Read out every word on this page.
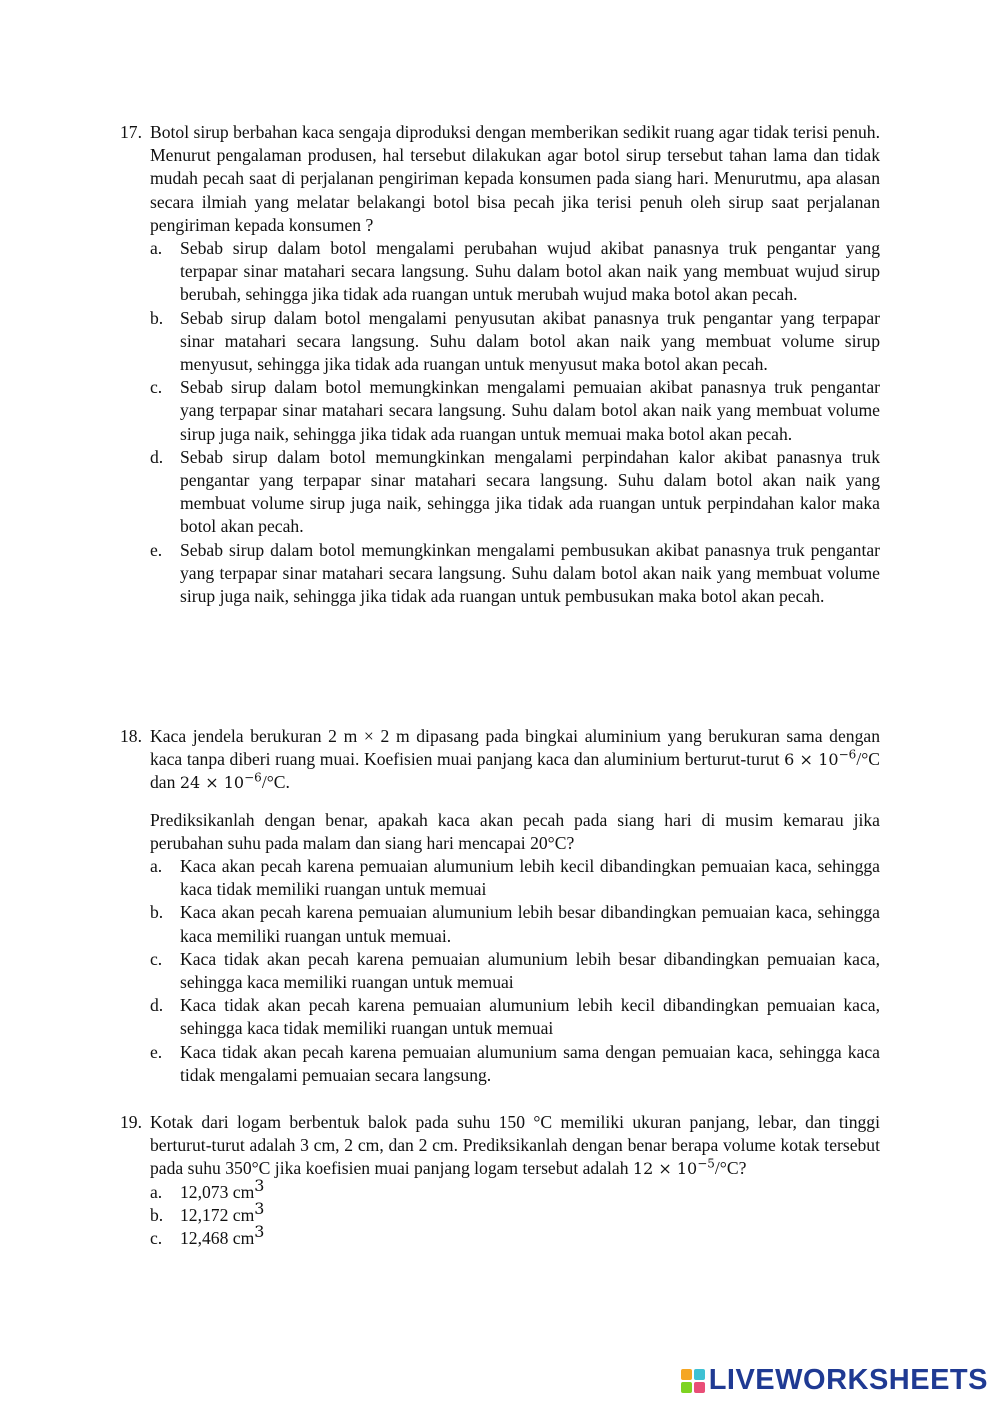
17. Botol sirup berbahan kaca sengaja diproduksi dengan memberikan sedikit ruang agar tidak terisi penuh. Menurut pengalaman produsen, hal tersebut dilakukan agar botol sirup tersebut tahan lama dan tidak mudah pecah saat di perjalanan pengiriman kepada konsumen pada siang hari. Menurutmu, apa alasan secara ilmiah yang melatar belakangi botol bisa pecah jika terisi penuh oleh sirup saat perjalanan pengiriman kepada konsumen ?

a.	Sebab sirup dalam botol mengalami perubahan wujud akibat panasnya truk pengantar yang terpapar sinar matahari secara langsung. Suhu dalam botol akan naik yang membuat wujud sirup berubah, sehingga jika tidak ada ruangan untuk merubah wujud maka botol akan pecah.
b. Sebab sirup dalam botol mengalami penyusutan akibat panasnya truk pengantar yang terpapar sinar matahari secara langsung. Suhu dalam botol akan naik yang membuat volume sirup menyusut, sehingga jika tidak ada ruangan untuk menyusut maka botol akan pecah.
c.	Sebab sirup dalam botol memungkinkan mengalami pemuaian akibat panasnya truk pengantar yang terpapar sinar matahari secara langsung. Suhu dalam botol akan naik yang membuat volume sirup juga naik, sehingga jika tidak ada ruangan untuk memuai maka botol akan pecah.
d. Sebab sirup dalam botol memungkinkan mengalami perpindahan kalor akibat panasnya truk pengantar yang terpapar sinar matahari secara langsung. Suhu dalam botol akan naik yang membuat volume sirup juga naik, sehingga jika tidak ada ruangan untuk perpindahan kalor maka botol akan pecah.
e.	Sebab sirup dalam botol memungkinkan mengalami pembusukan akibat panasnya truk pengantar yang terpapar sinar matahari secara langsung. Suhu dalam botol akan naik yang membuat volume sirup juga naik, sehingga jika tidak ada ruangan untuk pembusukan maka botol akan pecah.
18. Kaca jendela berukuran 2 m × 2 m dipasang pada bingkai aluminium yang berukuran sama dengan kaca tanpa diberi ruang muai. Koefisien muai panjang kaca dan aluminium berturut-turut $6 \times 10^{-6}/^\circ C$ dan $24 \times 10^{-6}/^\circ C$.

Prediksikanlah dengan benar, apakah kaca akan pecah pada siang hari di musim kemarau jika perubahan suhu pada malam dan siang hari mencapai 20°C?

a.	Kaca akan pecah karena pemuaian alumunium lebih kecil dibandingkan pemuaian kaca, sehingga kaca tidak memiliki ruangan untuk memuai
b. Kaca akan pecah karena pemuaian alumunium lebih besar dibandingkan pemuaian kaca, sehingga kaca memiliki ruangan untuk memuai.
c.	Kaca tidak akan pecah karena pemuaian alumunium lebih besar dibandingkan pemuaian kaca, sehingga kaca memiliki ruangan untuk memuai
d. Kaca tidak akan pecah karena pemuaian alumunium lebih kecil dibandingkan pemuaian kaca, sehingga kaca tidak memiliki ruangan untuk memuai
e.	Kaca tidak akan pecah karena pemuaian alumunium sama dengan pemuaian kaca, sehingga kaca tidak mengalami pemuaian secara langsung.
19. Kotak dari logam berbentuk balok pada suhu 150 °C memiliki ukuran panjang, lebar, dan tinggi berturut-turut adalah 3 cm, 2 cm, dan 2 cm. Prediksikanlah dengan benar berapa volume kotak tersebut pada suhu 350°C jika koefisien muai panjang logam tersebut adalah $12 \times 10^{-5}/^\circ C$?

a.	12,073 $cm^3$
b. 12,172 $cm^3$
c.	12,468 $cm^3$
LIVEWORKSHEETS
